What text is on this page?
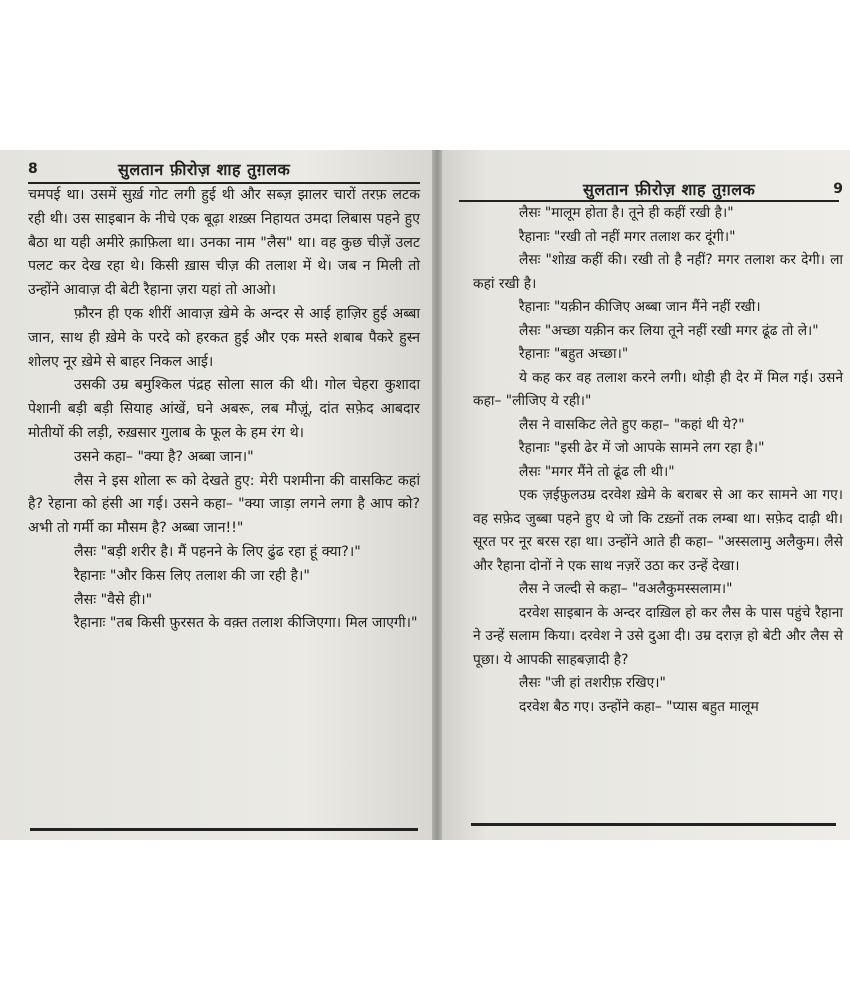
8	सुलतान फ़ीरोज़ शाह तुग़लक

चमपई था। उसमें सुर्ख़ गोट लगी हुई थी और सब्ज़ झालर चारों तरफ़ लटक रही थी। उस साइबान के नीचे एक बूढ़ा शख़्स निहायत उमदा लिबास पहने हुए बैठा था यही अमीरे क़ाफ़िला था। उनका नाम "लैस" था। वह कुछ चीज़ें उलट पलट कर देख रहा थे। किसी ख़ास चीज़ की तलाश में थे। जब न मिली तो उन्होंने आवाज़ दी बेटी रैहाना ज़रा यहां तो आओ।

फ़ौरन ही एक शीरीं आवाज़ ख़ेमे के अन्दर से आई हाज़िर हुई अब्बा जान, साथ ही ख़ेमे के परदे को हरकत हुई और एक मस्ते शबाब पैकरे हुस्न शोलए नूर ख़ेमे से बाहर निकल आई।

उसकी उम्र बमुश्किल पंद्रह सोला साल की थी। गोल चेहरा कुशादा पेशानी बड़ी बड़ी सियाह आंखें, घने अबरू, लब मौज़ूं, दांत सफ़ेद आबदार मोतीयों की लड़ी, रुख़सार गुलाब के फूल के हम रंग थे।

उसने कहा– "क्या है? अब्बा जान।"

लैस ने इस शोला रू को देखते हुए: मेरी पशमीना की वासकिट कहां है? रेहाना को हंसी आ गई। उसने कहा– "क्या जाड़ा लगने लगा है आप को? अभी तो गर्मी का मौसम है? अब्बा जान!!"

लैसः "बड़ी शरीर है। मैं पहनने के लिए ढुंढ रहा हूं क्या?।"

रैहानाः "और किस लिए तलाश की जा रही है।"

लैसः "वैसे ही।"

रैहानाः "तब किसी फ़ुरसत के वक़्त तलाश कीजिएगा। मिल जाएगी।"

सुलतान फ़ीरोज़ शाह तुग़लक	9

लैसः "मालूम होता है। तूने ही कहीं रखी है।"

रैहानाः "रखी तो नहीं मगर तलाश कर दूंगी।"

लैसः "शोख़ कहीं की। रखी तो है नहीं? मगर तलाश कर देगी। ला कहां रखी है।

रैहानाः "यक़ीन कीजिए अब्बा जान मैंने नहीं रखी।

लैसः "अच्छा यक़ीन कर लिया तूने नहीं रखी मगर ढूंढ तो ले।"

रैहानाः "बहुत अच्छा।"

ये कह कर वह तलाश करने लगी। थोड़ी ही देर में मिल गई। उसने कहा– "लीजिए ये रही।"

लैस ने वासकिट लेते हुए कहा– "कहां थी ये?"

रैहानाः "इसी ढेर में जो आपके सामने लग रहा है।"

लैसः "मगर मैंने तो ढूंढ ली थी।"

एक ज़ईफ़ुलउम्र दरवेश ख़ेमे के बराबर से आ कर सामने आ गए। वह सफ़ेद जुब्बा पहने हुए थे जो कि टख़्नों तक लम्बा था। सफ़ेद दाढ़ी थी। सूरत पर नूर बरस रहा था। उन्होंने आते ही कहा– "अस्सलामु अलैकुम। लैसे और रैहाना दोनों ने एक साथ नज़रें उठा कर उन्हें देखा।

लैस ने जल्दी से कहा– "वअलैकुमस्सलाम।"

दरवेश साइबान के अन्दर दाख़िल हो कर लैस के पास पहुंचे रैहाना ने उन्हें सलाम किया। दरवेश ने उसे दुआ दी। उम्र दराज़ हो बेटी और लैस से पूछा। ये आपकी साहबज़ादी है?

लैसः "जी हां तशरीफ़ रखिए।"

दरवेश बैठ गए। उन्होंने कहा– "प्यास बहुत मालूम
